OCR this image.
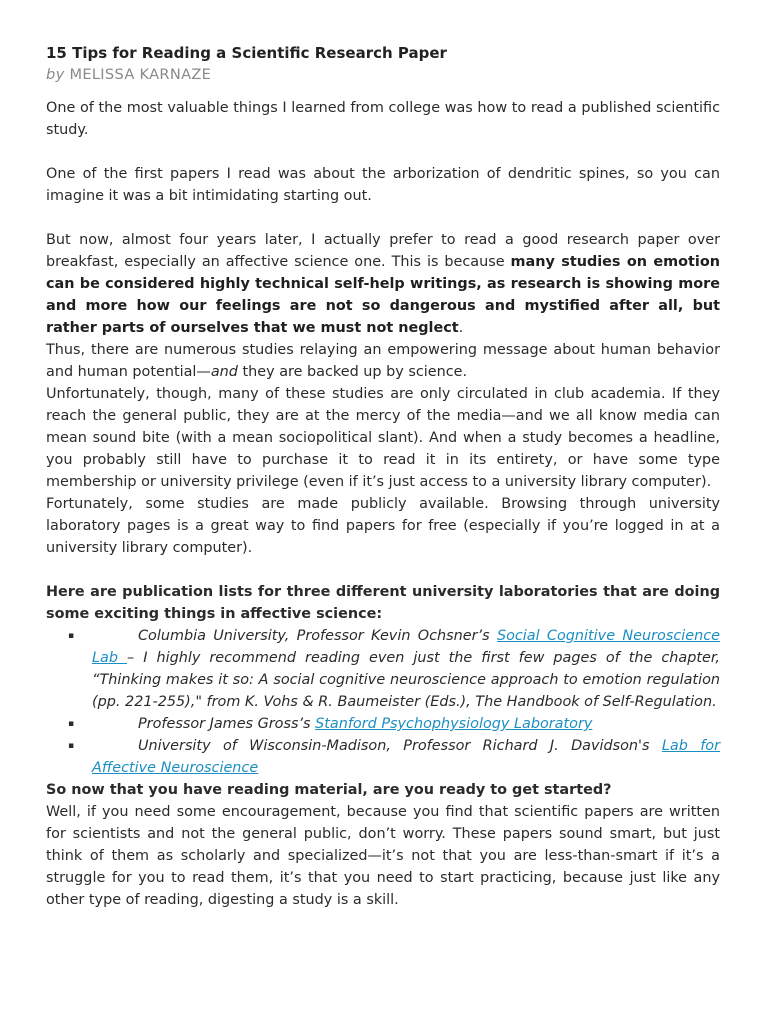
15 Tips for Reading a Scientific Research Paper
by MELISSA KARNAZE

One of the most valuable things I learned from college was how to read a published scientific study.

One of the first papers I read was about the arborization of dendritic spines, so you can imagine it was a bit intimidating starting out.

But now, almost four years later, I actually prefer to read a good research paper over breakfast, especially an affective science one. This is because many studies on emotion can be considered highly technical self-help writings, as research is showing more and more how our feelings are not so dangerous and mystified after all, but rather parts of ourselves that we must not neglect.

Thus, there are numerous studies relaying an empowering message about human behavior and human potential—and they are backed up by science.

Unfortunately, though, many of these studies are only circulated in club academia. If they reach the general public, they are at the mercy of the media—and we all know media can mean sound bite (with a mean sociopolitical slant). And when a study becomes a headline, you probably still have to purchase it to read it in its entirety, or have some type membership or university privilege (even if it’s just access to a university library computer).

Fortunately, some studies are made publicly available. Browsing through university laboratory pages is a great way to find papers for free (especially if you’re logged in at a university library computer).

Here are publication lists for three different university laboratories that are doing some exciting things in affective science:

▪	Columbia University, Professor Kevin Ochsner’s Social Cognitive Neuroscience Lab – I highly recommend reading even just the first few pages of the chapter, “Thinking makes it so: A social cognitive neuroscience approach to emotion regulation (pp. 221-255)," from K. Vohs & R. Baumeister (Eds.), The Handbook of Self-Regulation.
▪	Professor James Gross’s Stanford Psychophysiology Laboratory
▪	University of Wisconsin-Madison, Professor Richard J. Davidson's Lab for Affective Neuroscience

So now that you have reading material, are you ready to get started?

Well, if you need some encouragement, because you find that scientific papers are written for scientists and not the general public, don’t worry. These papers sound smart, but just think of them as scholarly and specialized—it’s not that you are less-than-smart if it’s a struggle for you to read them, it’s that you need to start practicing, because just like any other type of reading, digesting a study is a skill.
